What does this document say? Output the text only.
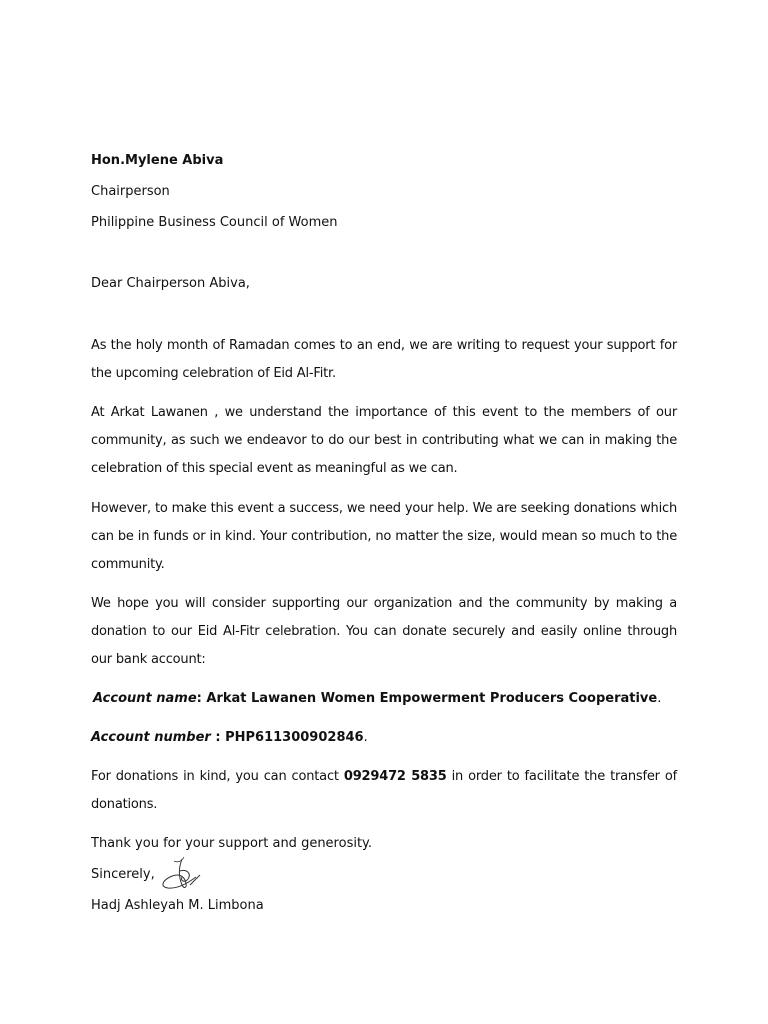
Hon.Mylene Abiva
Chairperson
Philippine Business Council of Women
Dear Chairperson Abiva,
As the holy month of Ramadan comes to an end, we are writing to request your support for the upcoming celebration of Eid Al-Fitr.
At Arkat Lawanen , we understand the importance of this event to the members of our community, as such we endeavor to do our best in contributing what we can in making the celebration of this special event as meaningful as we can.
However, to make this event a success, we need your help. We are seeking donations which can be in funds or in kind. Your contribution, no matter the size, would mean so much to the community.
We hope you will consider supporting our organization and the community by making a donation to our Eid Al-Fitr celebration. You can donate securely and easily online through our bank account:
Account name: Arkat Lawanen Women Empowerment Producers Cooperative.
Account number : PHP611300902846.
For donations in kind, you can contact 0929472 5835 in order to facilitate the transfer of donations.
Thank you for your support and generosity.
Sincerely,
Hadj Ashleyah M. Limbona
